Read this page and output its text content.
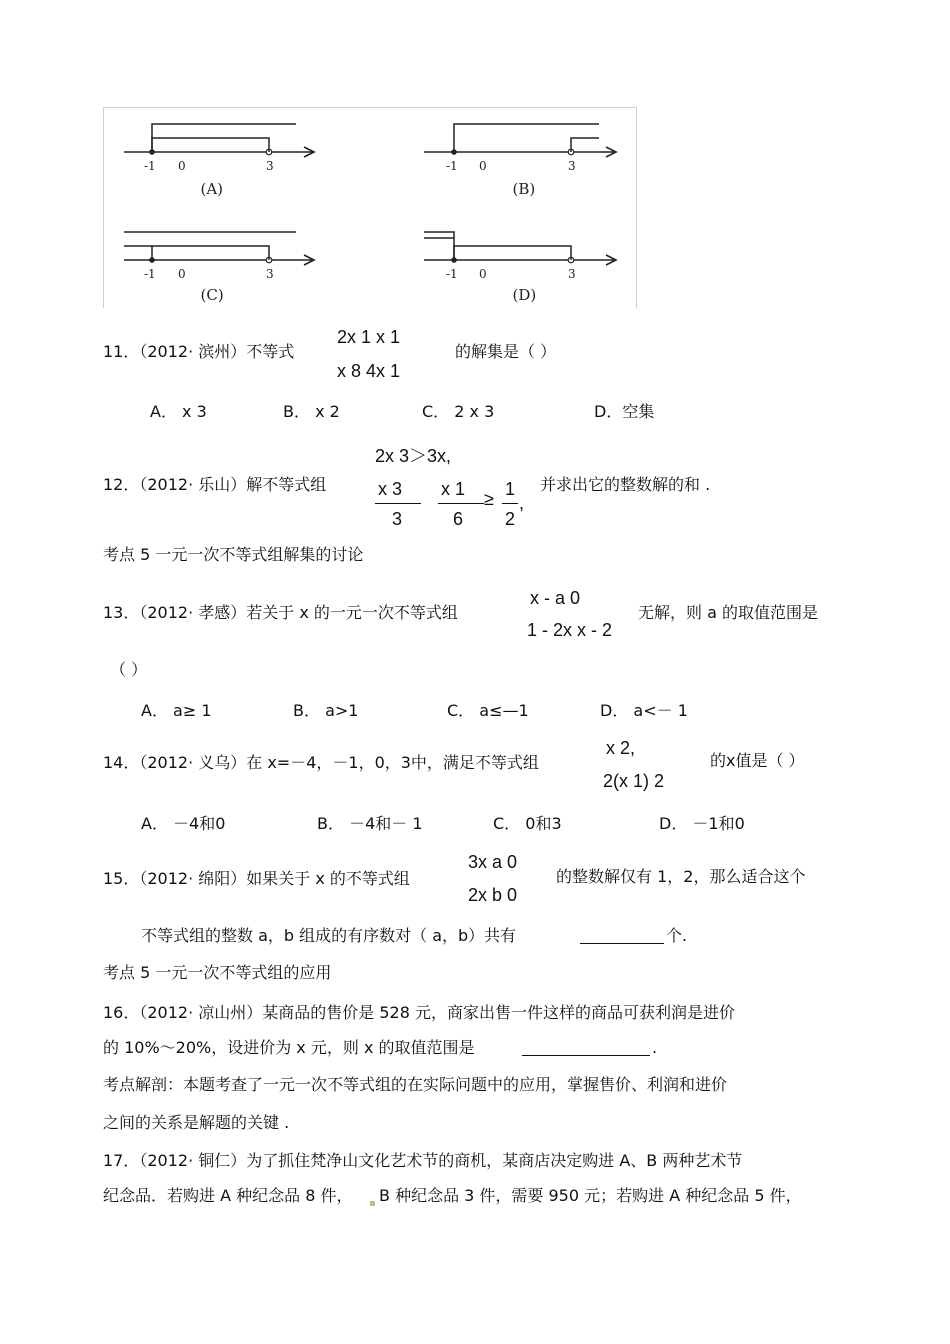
-1 0	3
(A)
-1 0	3
(B)
-1 0	3
(C)
-1 0	3
(D)
11．（2012· 滨州）不等式
2x 1 x 1
x 8 4x 1
的解集是（ ）
A． x 3	B． x 2	C． 2 x 3	D．空集
2x 3＞3x,
12．（2012· 乐山）解不等式组	x 3
3
x 1
6
≥ 1
2
,
并求出它的整数解的和 .
考点 5 一元一次不等式组解集的讨论
x - a 0
13．（2012· 孝感）若关于 x 的一元一次不等式组
1 - 2x x - 2
无解，则 a 的取值范围是
（ ）
A． a≥ 1	B． a>1	C． a≤—1	D． a<－ 1
x 2,
14．（2012· 义乌）在 x=－4，－1，0，3中，满足不等式组
2(x 1) 2
的x值是（ ）
A． －4和0	B． －4和－ 1	C． 0和3	D． －1和0
3x a 0
15．（2012· 绵阳）如果关于 x 的不等式组
2x b 0
的整数解仅有 1，2，那么适合这个
不等式组的整数 a，b 组成的有序数对（ a，b）共有	个.
考点 5 一元一次不等式组的应用
16．（2012· 凉山州）某商品的售价是 528 元，商家出售一件这样的商品可获利润是进价
的 10%～20%，设进价为 x 元，则 x 的取值范围是	.
考点解剖：本题考查了一元一次不等式组的在实际问题中的应用，掌握售价、利润和进价
之间的关系是解题的关键 .
17．（2012· 铜仁）为了抓住梵净山文化艺术节的商机，某商店决定购进 A、B 两种艺术节
纪念品．若购进 A 种纪念品 8 件， B 种纪念品 3 件，需要 950 元；若购进 A 种纪念品 5 件，
